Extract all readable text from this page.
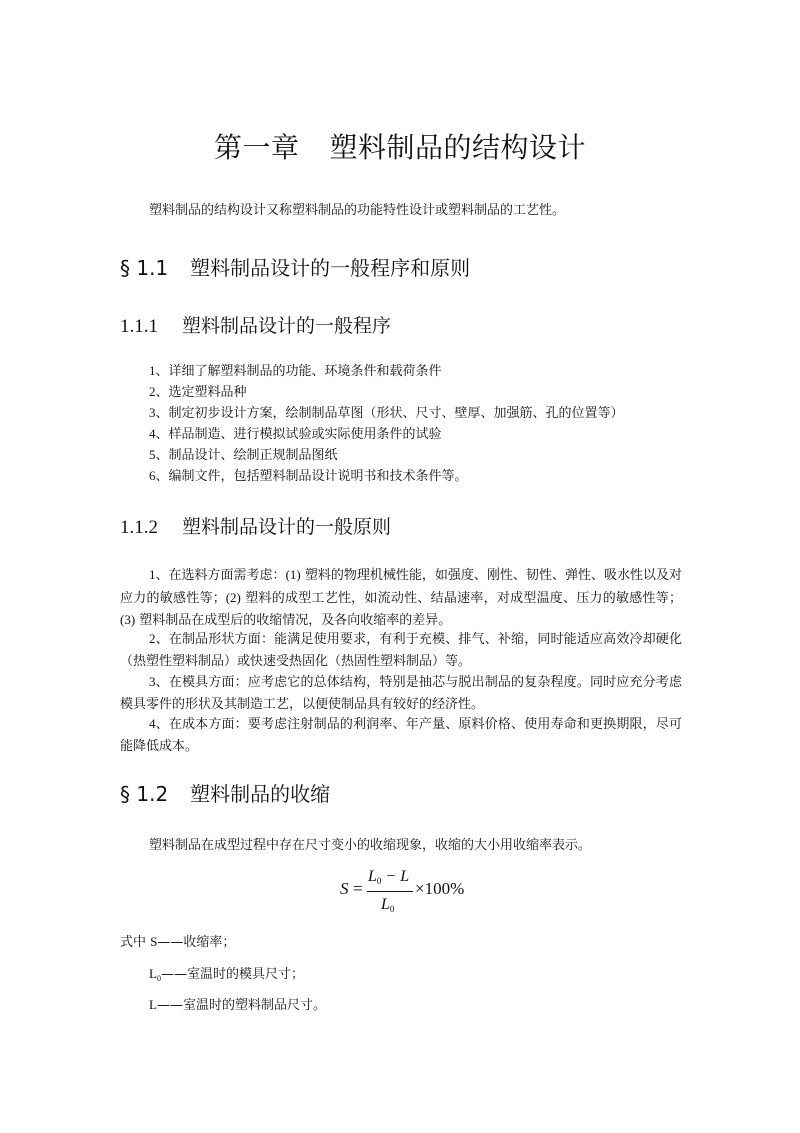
第一章 塑料制品的结构设计
塑料制品的结构设计又称塑料制品的功能特性设计或塑料制品的工艺性。
§ 1.1 塑料制品设计的一般程序和原则
1.1.1 塑料制品设计的一般程序
1、详细了解塑料制品的功能、环境条件和载荷条件
2、选定塑料品种
3、制定初步设计方案，绘制制品草图（形状、尺寸、壁厚、加强筋、孔的位置等）
4、样品制造、进行模拟试验或实际使用条件的试验
5、制品设计、绘制正规制品图纸
6、编制文件，包括塑料制品设计说明书和技术条件等。
1.1.2 塑料制品设计的一般原则

1、在选料方面需考虑：(1) 塑料的物理机械性能，如强度、刚性、韧性、弹性、吸水性以及对应力的敏感性等；(2) 塑料的成型工艺性，如流动性、结晶速率，对成型温度、压力的敏感性等；(3) 塑料制品在成型后的收缩情况，及各向收缩率的差异。

2、在制品形状方面：能满足使用要求，有利于充模、排气、补缩，同时能适应高效冷却硬化（热塑性塑料制品）或快速受热固化（热固性塑料制品）等。

3、在模具方面：应考虑它的总体结构，特别是抽芯与脱出制品的复杂程度。同时应充分考虑模具零件的形状及其制造工艺，以便使制品具有较好的经济性。

4、在成本方面：要考虑注射制品的利润率、年产量、原料价格、使用寿命和更换期限，尽可能降低成本。

§ 1.2 塑料制品的收缩
塑料制品在成型过程中存在尺寸变小的收缩现象，收缩的大小用收缩率表示。
S =
$L_0 - L$
$L_0$
×100%
式中 S——收缩率；
$L_0——$室温时的模具尺寸；
L——室温时的塑料制品尺寸。
